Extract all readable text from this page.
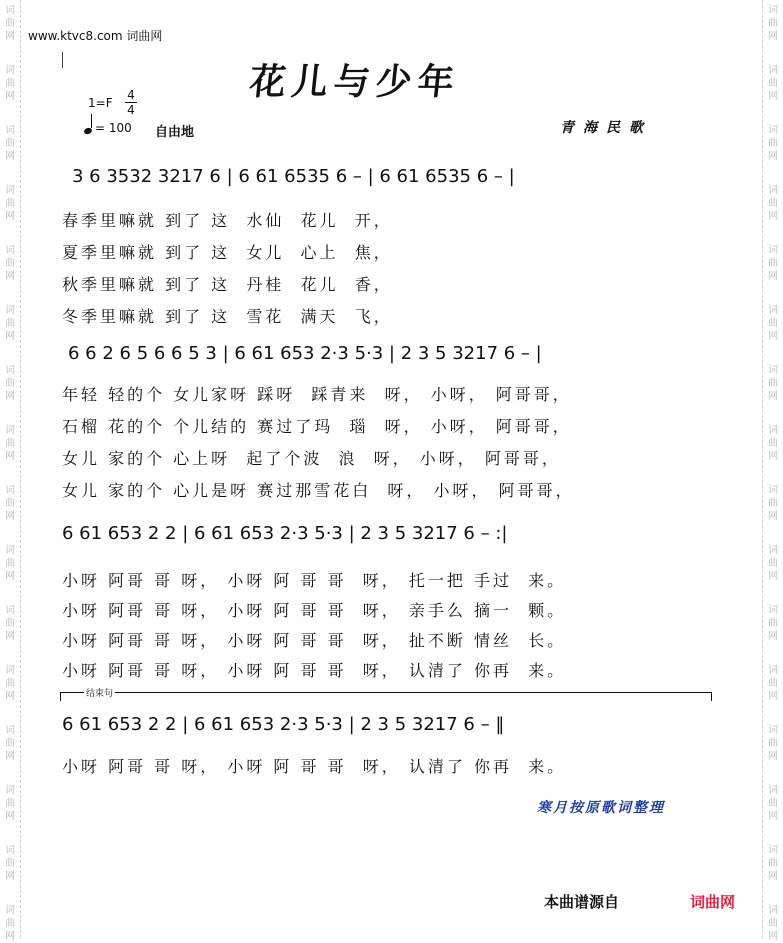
词
曲
网
词
曲
网
词
曲
网
词
曲
网
词
曲
网
词
曲
网
词
曲
网
词
曲
网
词
曲
网
词
曲
网
词
曲
网
词
曲
网
词
曲
网
词
曲
网
词
曲
网
词
曲
网
词
曲
网
词
曲
网
词
曲
网
词
曲
网
词
曲
网
词
曲
网
词
曲
网
词
曲
网
词
曲
网
词
曲
网
词
曲
网
词
曲
网
词
曲
网
词
曲
网
词
曲
网
词
曲
网
www.ktvc8.com 词曲网
花儿与少年
1=F
4
4
= 100 自由地	青海民歌
3 6 3532 3217 6 | 6 61 6535 6 – | 6 61 6535 6 – |
6 6 2 6 5 6 6 5 3 | 6 61 653 2·3 5·3 | 2 3 5 3217 6 – |
6 61 653 2 2 | 6 61 653 2·3 5·3 | 2 3 5 3217 6 – :|
6 61 653 2 2 | 6 61 653 2·3 5·3 | 2 3 5 3217 6 – ‖
春季里嘛就 到了 这  水仙  花儿  开，
夏季里嘛就 到了 这  女儿  心上  焦，
秋季里嘛就 到了 这  丹桂  花儿  香，
冬季里嘛就 到了 这  雪花  满天  飞，
年轻 轻的个 女儿家呀 踩呀  踩青来  呀， 小呀， 阿哥哥，
石榴 花的个 个儿结的 赛过了玛  瑙  呀， 小呀， 阿哥哥，
女儿 家的个 心上呀  起了个波  浪  呀， 小呀， 阿哥哥，
女儿 家的个 心儿是呀 赛过那雪花白  呀， 小呀， 阿哥哥，
小呀 阿哥 哥 呀， 小呀 阿 哥 哥  呀， 托一把 手过  来。
小呀 阿哥 哥 呀， 小呀 阿 哥 哥  呀， 亲手么 摘一  颗。
小呀 阿哥 哥 呀， 小呀 阿 哥 哥  呀， 扯不断 情丝  长。
小呀 阿哥 哥 呀， 小呀 阿 哥 哥  呀， 认清了 你再  来。
结束句
小呀 阿哥 哥 呀， 小呀 阿 哥 哥  呀， 认清了 你再  来。
寒月按原歌词整理
本曲谱源自	词曲网
